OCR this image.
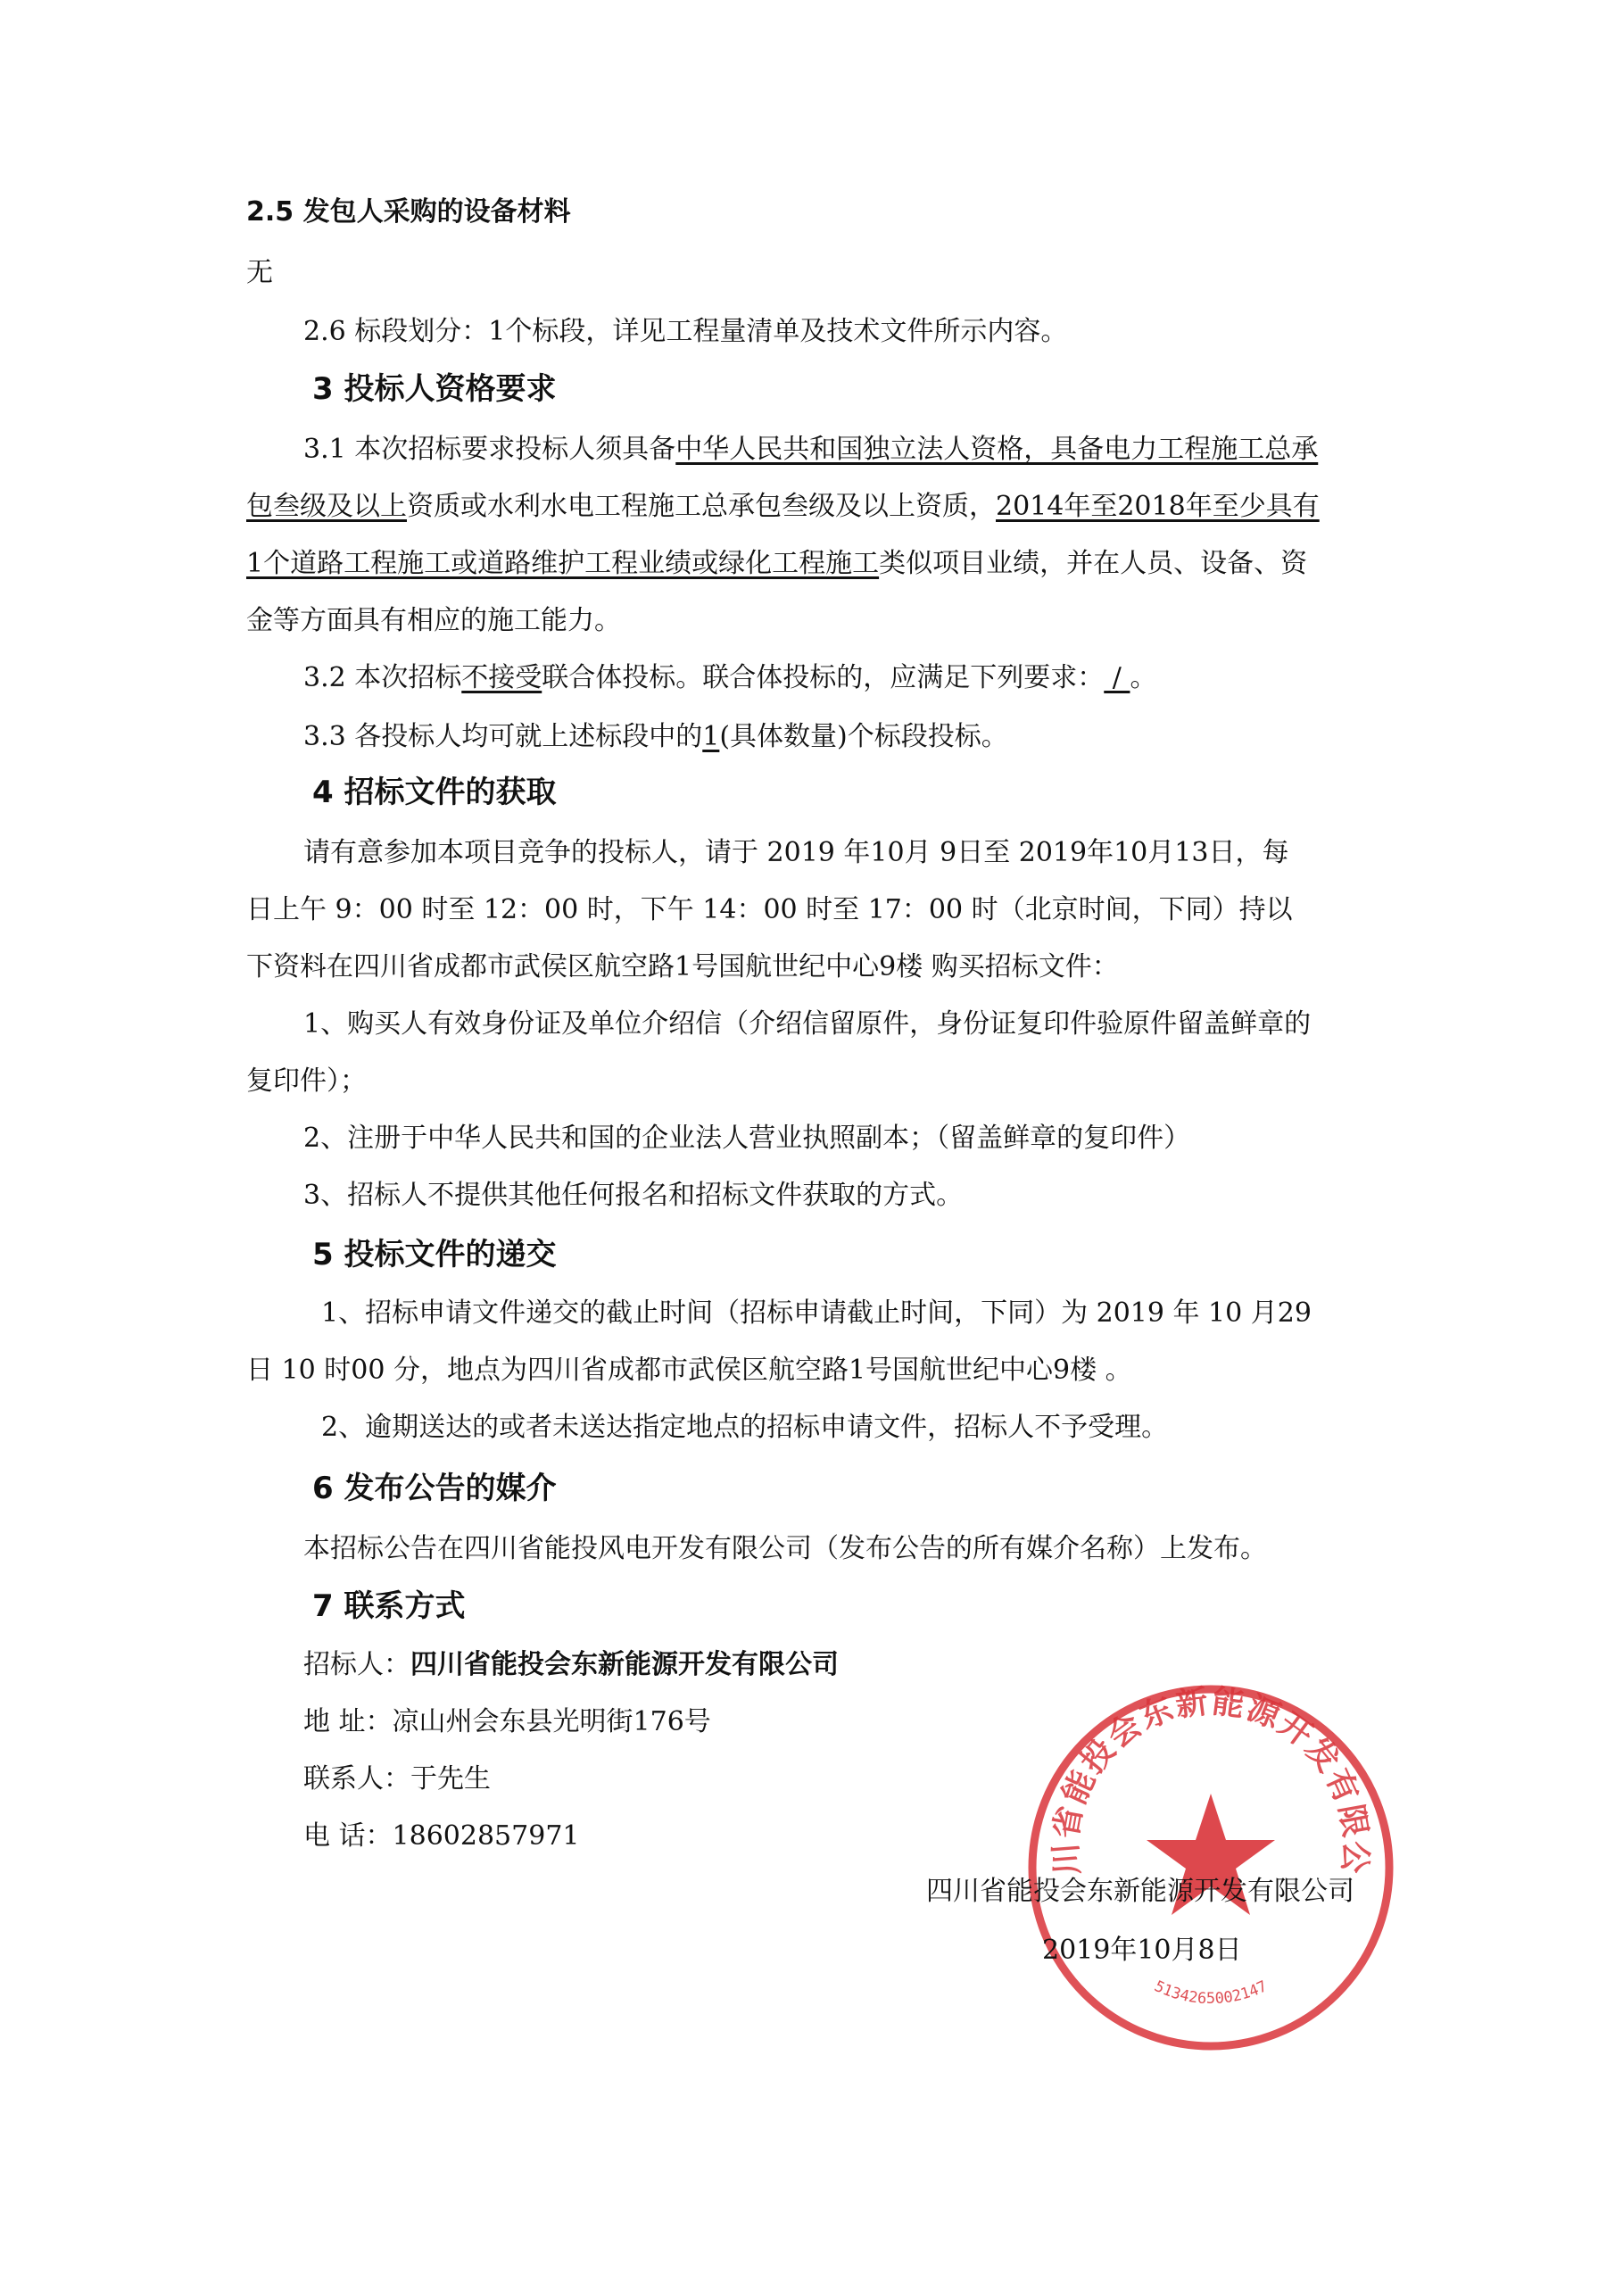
2.5 发包人采购的设备材料
无
2.6 标段划分：1个标段，详见工程量清单及技术文件所示内容。
3 投标人资格要求
3.1 本次招标要求投标人须具备中华人民共和国独立法人资格，具备电力工程施工总承
包叁级及以上资质或水利水电工程施工总承包叁级及以上资质，2014年至2018年至少具有
1个道路工程施工或道路维护工程业绩或绿化工程施工类似项目业绩，并在人员、设备、资
金等方面具有相应的施工能力。
3.2 本次招标不接受联合体投标。联合体投标的，应满足下列要求： / 。
3.3 各投标人均可就上述标段中的1(具体数量)个标段投标。
4 招标文件的获取
请有意参加本项目竞争的投标人，请于 2019 年10月 9日至 2019年10月13日，每
日上午 9：00 时至 12：00 时，下午 14：00 时至 17：00 时（北京时间，下同）持以
下资料在四川省成都市武侯区航空路1号国航世纪中心9楼 购买招标文件：
1、购买人有效身份证及单位介绍信（介绍信留原件，身份证复印件验原件留盖鲜章的
复印件）；
2、注册于中华人民共和国的企业法人营业执照副本；（留盖鲜章的复印件）
3、招标人不提供其他任何报名和招标文件获取的方式。
5 投标文件的递交
1、招标申请文件递交的截止时间（招标申请截止时间，下同）为 2019 年 10 月29
日 10 时00 分，地点为四川省成都市武侯区航空路1号国航世纪中心9楼 。
2、逾期送达的或者未送达指定地点的招标申请文件，招标人不予受理。
6 发布公告的媒介
本招标公告在四川省能投风电开发有限公司（发布公告的所有媒介名称）上发布。
7 联系方式
招标人：四川省能投会东新能源开发有限公司
地 址：凉山州会东县光明街176号
联系人：于先生
电 话：18602857971
川省能投会东新能源开发有限公
5134265002147
四川省能投会东新能源开发有限公司
2019年10月8日
